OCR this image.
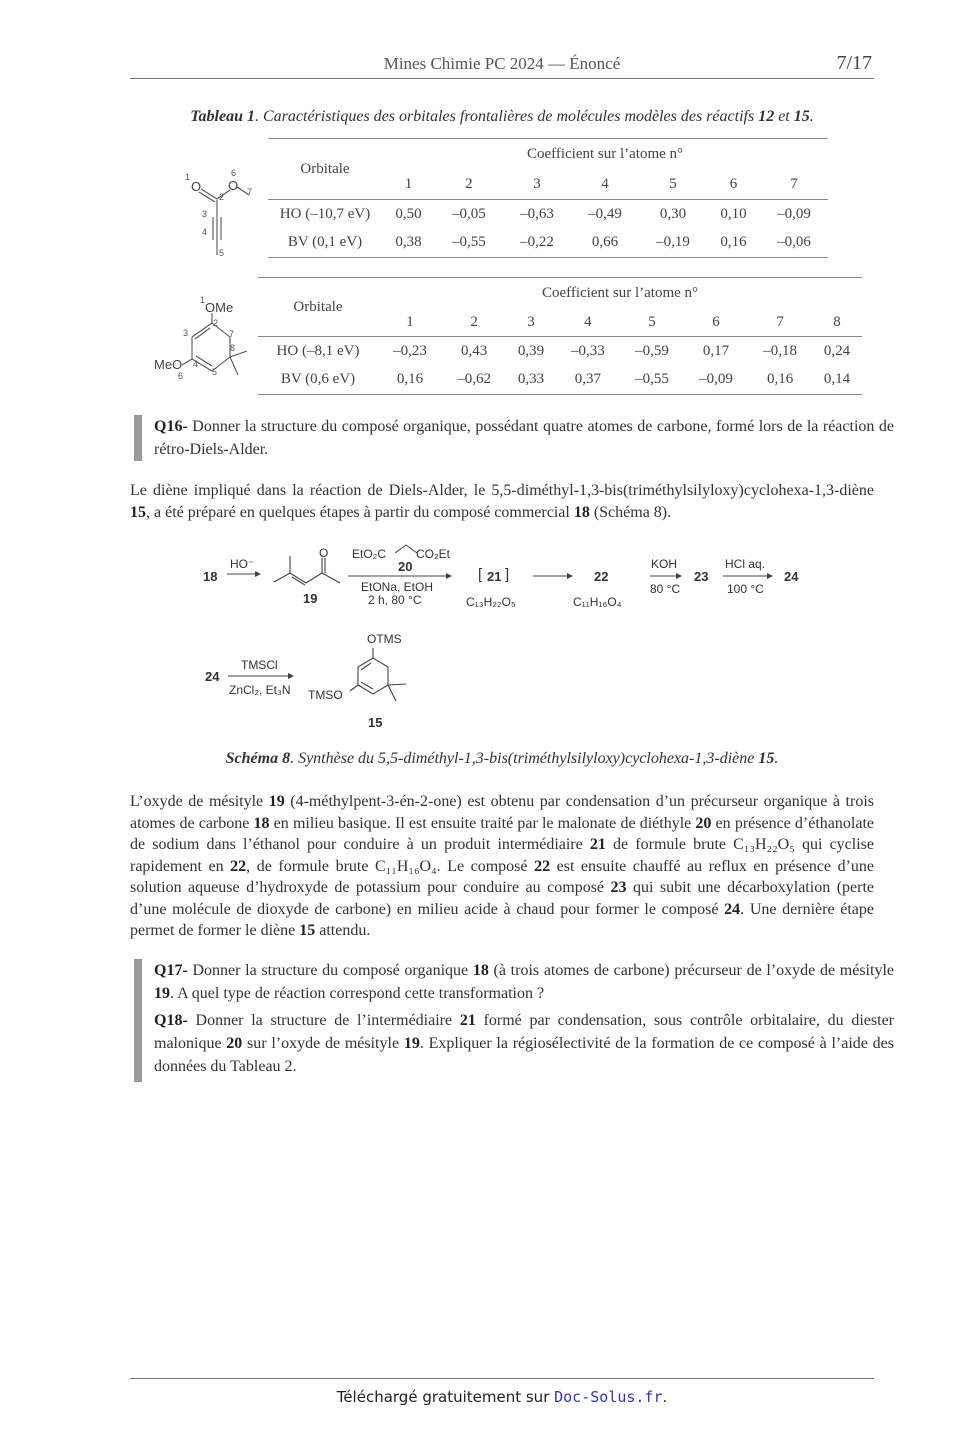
Mines Chimie PC 2024 — Énoncé	7/17
Tableau 1. Caractéristiques des orbitales frontalières de molécules modèles des réactifs 12 et 15.
O O
1
2
3
4
5
6
7
Orbitale	Coefficient sur l’atome n°						
	1	2	3	4	5	6	7
HO (–10,7 eV)	0,50	–0,05	–0,63	–0,49	0,30	0,10	–0,09
BV (0,1 eV)	0,38	–0,55	–0,22	0,66	–0,19	0,16	–0,06
OMe
MeO
1
2
3
4
5
6
7
8
Orbitale	Coefficient sur l’atome n°							
	1	2	3	4	5	6	7	8
HO (–8,1 eV)	–0,23	0,43	0,39	–0,33	–0,59	0,17	–0,18	0,24
BV (0,6 eV)	0,16	–0,62	0,33	0,37	–0,55	–0,09	0,16	0,14
Q16- Donner la structure du composé organique, possédant quatre atomes de carbone, formé lors de la réaction de rétro-Diels-Alder.
Le diène impliqué dans la réaction de Diels-Alder, le 5,5-diméthyl-1,3-bis(triméthylsilyloxy)cyclohexa-1,3-diène 15, a été préparé en quelques étapes à partir du composé commercial 18 (Schéma 8).
18
HO⁻
O
19
EtO₂C	CO₂Et
20
EtONa, EtOH
2 h, 80 °C
[ 21 ]
C₁₃H₂₂O₅
22
C₁₁H₁₆O₄
KOH
80 °C
23
HCl aq.
100 °C
24
24
TMSCl
ZnCl₂, Et₃N
OTMS
TMSO
15
Schéma 8. Synthèse du 5,5-diméthyl-1,3-bis(triméthylsilyloxy)cyclohexa-1,3-diène 15.
L’oxyde de mésityle 19 (4-méthylpent-3-én-2-one) est obtenu par condensation d’un précurseur organique à trois atomes de carbone 18 en milieu basique. Il est ensuite traité par le malonate de diéthyle 20 en présence d’éthanolate de sodium dans l’éthanol pour conduire à un produit intermédiaire 21 de formule brute C₁₃H₂₂O₅ qui cyclise rapidement en 22, de formule brute C₁₁H₁₆O₄. Le composé 22 est ensuite chauffé au reflux en présence d’une solution aqueuse d’hydroxyde de potassium pour conduire au composé 23 qui subit une décarboxylation (perte d’une molécule de dioxyde de carbone) en milieu acide à chaud pour former le composé 24. Une dernière étape permet de former le diène 15 attendu.
Q17- Donner la structure du composé organique 18 (à trois atomes de carbone) précurseur de l’oxyde de mésityle 19. A quel type de réaction correspond cette transformation ?
Q18- Donner la structure de l’intermédiaire 21 formé par condensation, sous contrôle orbitalaire, du diester malonique 20 sur l’oxyde de mésityle 19. Expliquer la régiosélectivité de la formation de ce composé à l’aide des données du Tableau 2.
Téléchargé gratuitement sur Doc-Solus.fr.
